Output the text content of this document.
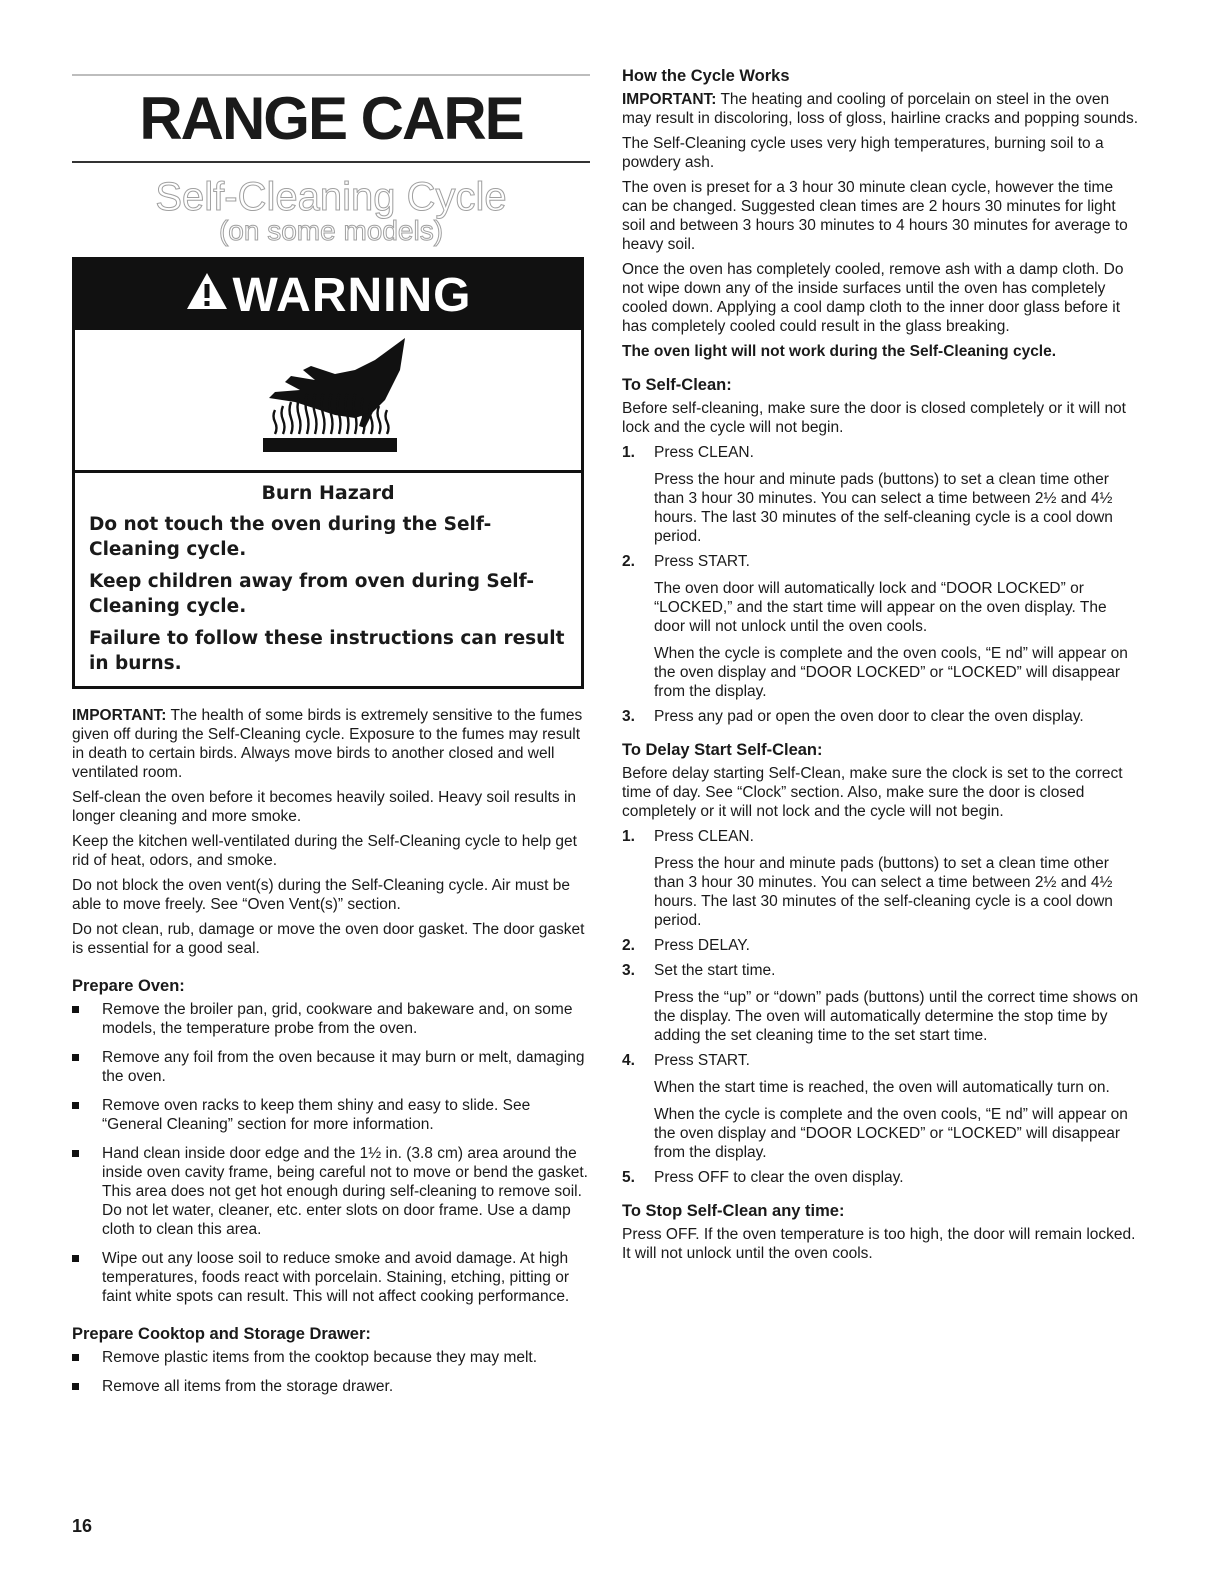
RANGE CARE
Self-Cleaning Cycle
(on some models)
WARNING
Burn Hazard

Do not touch the oven during the Self-Cleaning cycle.

Keep children away from oven during Self-Cleaning cycle.

Failure to follow these instructions can result in burns.

IMPORTANT: The health of some birds is extremely sensitive to the fumes given off during the Self-Cleaning cycle. Exposure to the fumes may result in death to certain birds. Always move birds to another closed and well ventilated room.

Self-clean the oven before it becomes heavily soiled. Heavy soil results in longer cleaning and more smoke.

Keep the kitchen well-ventilated during the Self-Cleaning cycle to help get rid of heat, odors, and smoke.

Do not block the oven vent(s) during the Self-Cleaning cycle. Air must be able to move freely. See “Oven Vent(s)” section.

Do not clean, rub, damage or move the oven door gasket. The door gasket is essential for a good seal.

Prepare Oven:
Remove the broiler pan, grid, cookware and bakeware and, on some models, the temperature probe from the oven.
Remove any foil from the oven because it may burn or melt, damaging the oven.
Remove oven racks to keep them shiny and easy to slide. See “General Cleaning” section for more information.
Hand clean inside door edge and the 1½ in. (3.8 cm) area around the inside oven cavity frame, being careful not to move or bend the gasket. This area does not get hot enough during self-cleaning to remove soil. Do not let water, cleaner, etc. enter slots on door frame. Use a damp cloth to clean this area.
Wipe out any loose soil to reduce smoke and avoid damage. At high temperatures, foods react with porcelain. Staining, etching, pitting or faint white spots can result. This will not affect cooking performance.
Prepare Cooktop and Storage Drawer:
Remove plastic items from the cooktop because they may melt.
Remove all items from the storage drawer.
16
How the Cycle Works

IMPORTANT: The heating and cooling of porcelain on steel in the oven may result in discoloring, loss of gloss, hairline cracks and popping sounds.

The Self-Cleaning cycle uses very high temperatures, burning soil to a powdery ash.

The oven is preset for a 3 hour 30 minute clean cycle, however the time can be changed. Suggested clean times are 2 hours 30 minutes for light soil and between 3 hours 30 minutes to 4 hours 30 minutes for average to heavy soil.

Once the oven has completely cooled, remove ash with a damp cloth. Do not wipe down any of the inside surfaces until the oven has completely cooled down. Applying a cool damp cloth to the inner door glass before it has completely cooled could result in the glass breaking.

The oven light will not work during the Self-Cleaning cycle.

To Self-Clean:

Before self-cleaning, make sure the door is closed completely or it will not lock and the cycle will not begin.

1. Press CLEAN.
Press the hour and minute pads (buttons) to set a clean time other than 3 hour 30 minutes. You can select a time between 2½ and 4½ hours. The last 30 minutes of the self-cleaning cycle is a cool down period.
2. Press START.
The oven door will automatically lock and “DOOR LOCKED” or “LOCKED,” and the start time will appear on the oven display. The door will not unlock until the oven cools.
When the cycle is complete and the oven cools, “E nd” will appear on the oven display and “DOOR LOCKED” or “LOCKED” will disappear from the display.
3. Press any pad or open the oven door to clear the oven display.
To Delay Start Self-Clean:

Before delay starting Self-Clean, make sure the clock is set to the correct time of day. See “Clock” section. Also, make sure the door is closed completely or it will not lock and the cycle will not begin.

1. Press CLEAN.
Press the hour and minute pads (buttons) to set a clean time other than 3 hour 30 minutes. You can select a time between 2½ and 4½ hours. The last 30 minutes of the self-cleaning cycle is a cool down period.
2. Press DELAY.
3. Set the start time.
Press the “up” or “down” pads (buttons) until the correct time shows on the display. The oven will automatically determine the stop time by adding the set cleaning time to the set start time.
4. Press START.
When the start time is reached, the oven will automatically turn on.
When the cycle is complete and the oven cools, “E nd” will appear on the oven display and “DOOR LOCKED” or “LOCKED” will disappear from the display.
5. Press OFF to clear the oven display.
To Stop Self-Clean any time:

Press OFF. If the oven temperature is too high, the door will remain locked. It will not unlock until the oven cools.
